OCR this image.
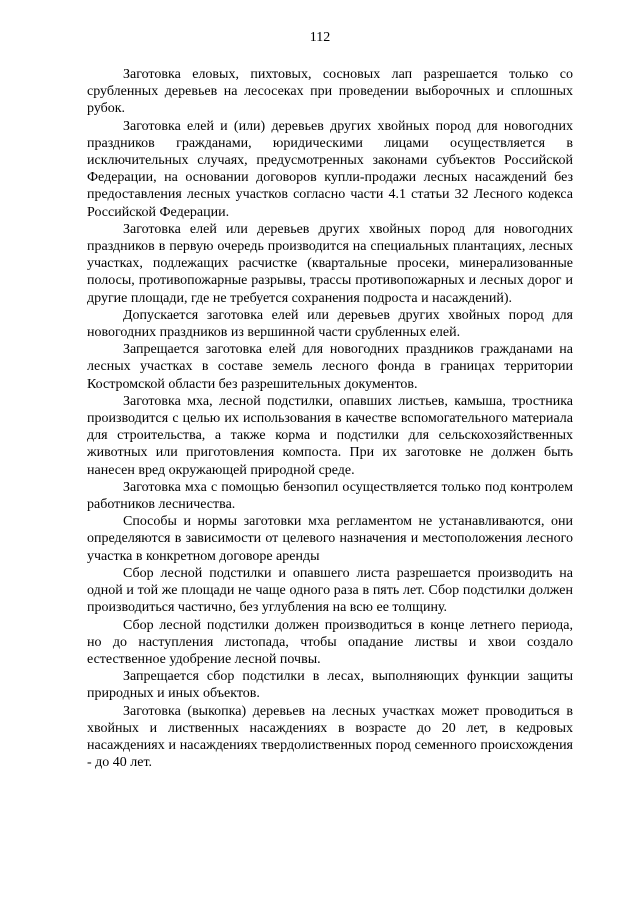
112

Заготовка еловых, пихтовых, сосновых лап разрешается только со срубленных деревьев на лесосеках при проведении выборочных и сплошных рубок.

Заготовка елей и (или) деревьев других хвойных пород для новогодних праздников гражданами, юридическими лицами осуществляется в исключительных случаях, предусмотренных законами субъектов Российской Федерации, на основании договоров купли-продажи лесных насаждений без предоставления лесных участков согласно части 4.1 статьи 32 Лесного кодекса Российской Федерации.

Заготовка елей или деревьев других хвойных пород для новогодних праздников в первую очередь производится на специальных плантациях, лесных участках, подлежащих расчистке (квартальные просеки, минерализованные полосы, противопожарные разрывы, трассы противопожарных и лесных дорог и другие площади, где не требуется сохранения подроста и насаждений).

Допускается заготовка елей или деревьев других хвойных пород для новогодних праздников из вершинной части срубленных елей.

Запрещается заготовка елей для новогодних праздников гражданами на лесных участках в составе земель лесного фонда в границах территории Костромской области без разрешительных документов.

Заготовка мха, лесной подстилки, опавших листьев, камыша, тростника производится с целью их использования в качестве вспомогательного материала для строительства, а также корма и подстилки для сельскохозяйственных животных или приготовления компоста. При их заготовке не должен быть нанесен вред окружающей природной среде.

Заготовка мха с помощью бензопил осуществляется только под контролем работников лесничества.

Способы и нормы заготовки мха регламентом не устанавливаются, они определяются в зависимости от целевого назначения и местоположения лесного участка в конкретном договоре аренды

Сбор лесной подстилки и опавшего листа разрешается производить на одной и той же площади не чаще одного раза в пять лет. Сбор подстилки должен производиться частично, без углубления на всю ее толщину.

Сбор лесной подстилки должен производиться в конце летнего периода, но до наступления листопада, чтобы опадание листвы и хвои создало естественное удобрение лесной почвы.

Запрещается сбор подстилки в лесах, выполняющих функции защиты природных и иных объектов.

Заготовка (выкопка) деревьев на лесных участках может проводиться в хвойных и лиственных насаждениях в возрасте до 20 лет, в кедровых насаждениях и насаждениях твердолиственных пород семенного происхождения - до 40 лет.
